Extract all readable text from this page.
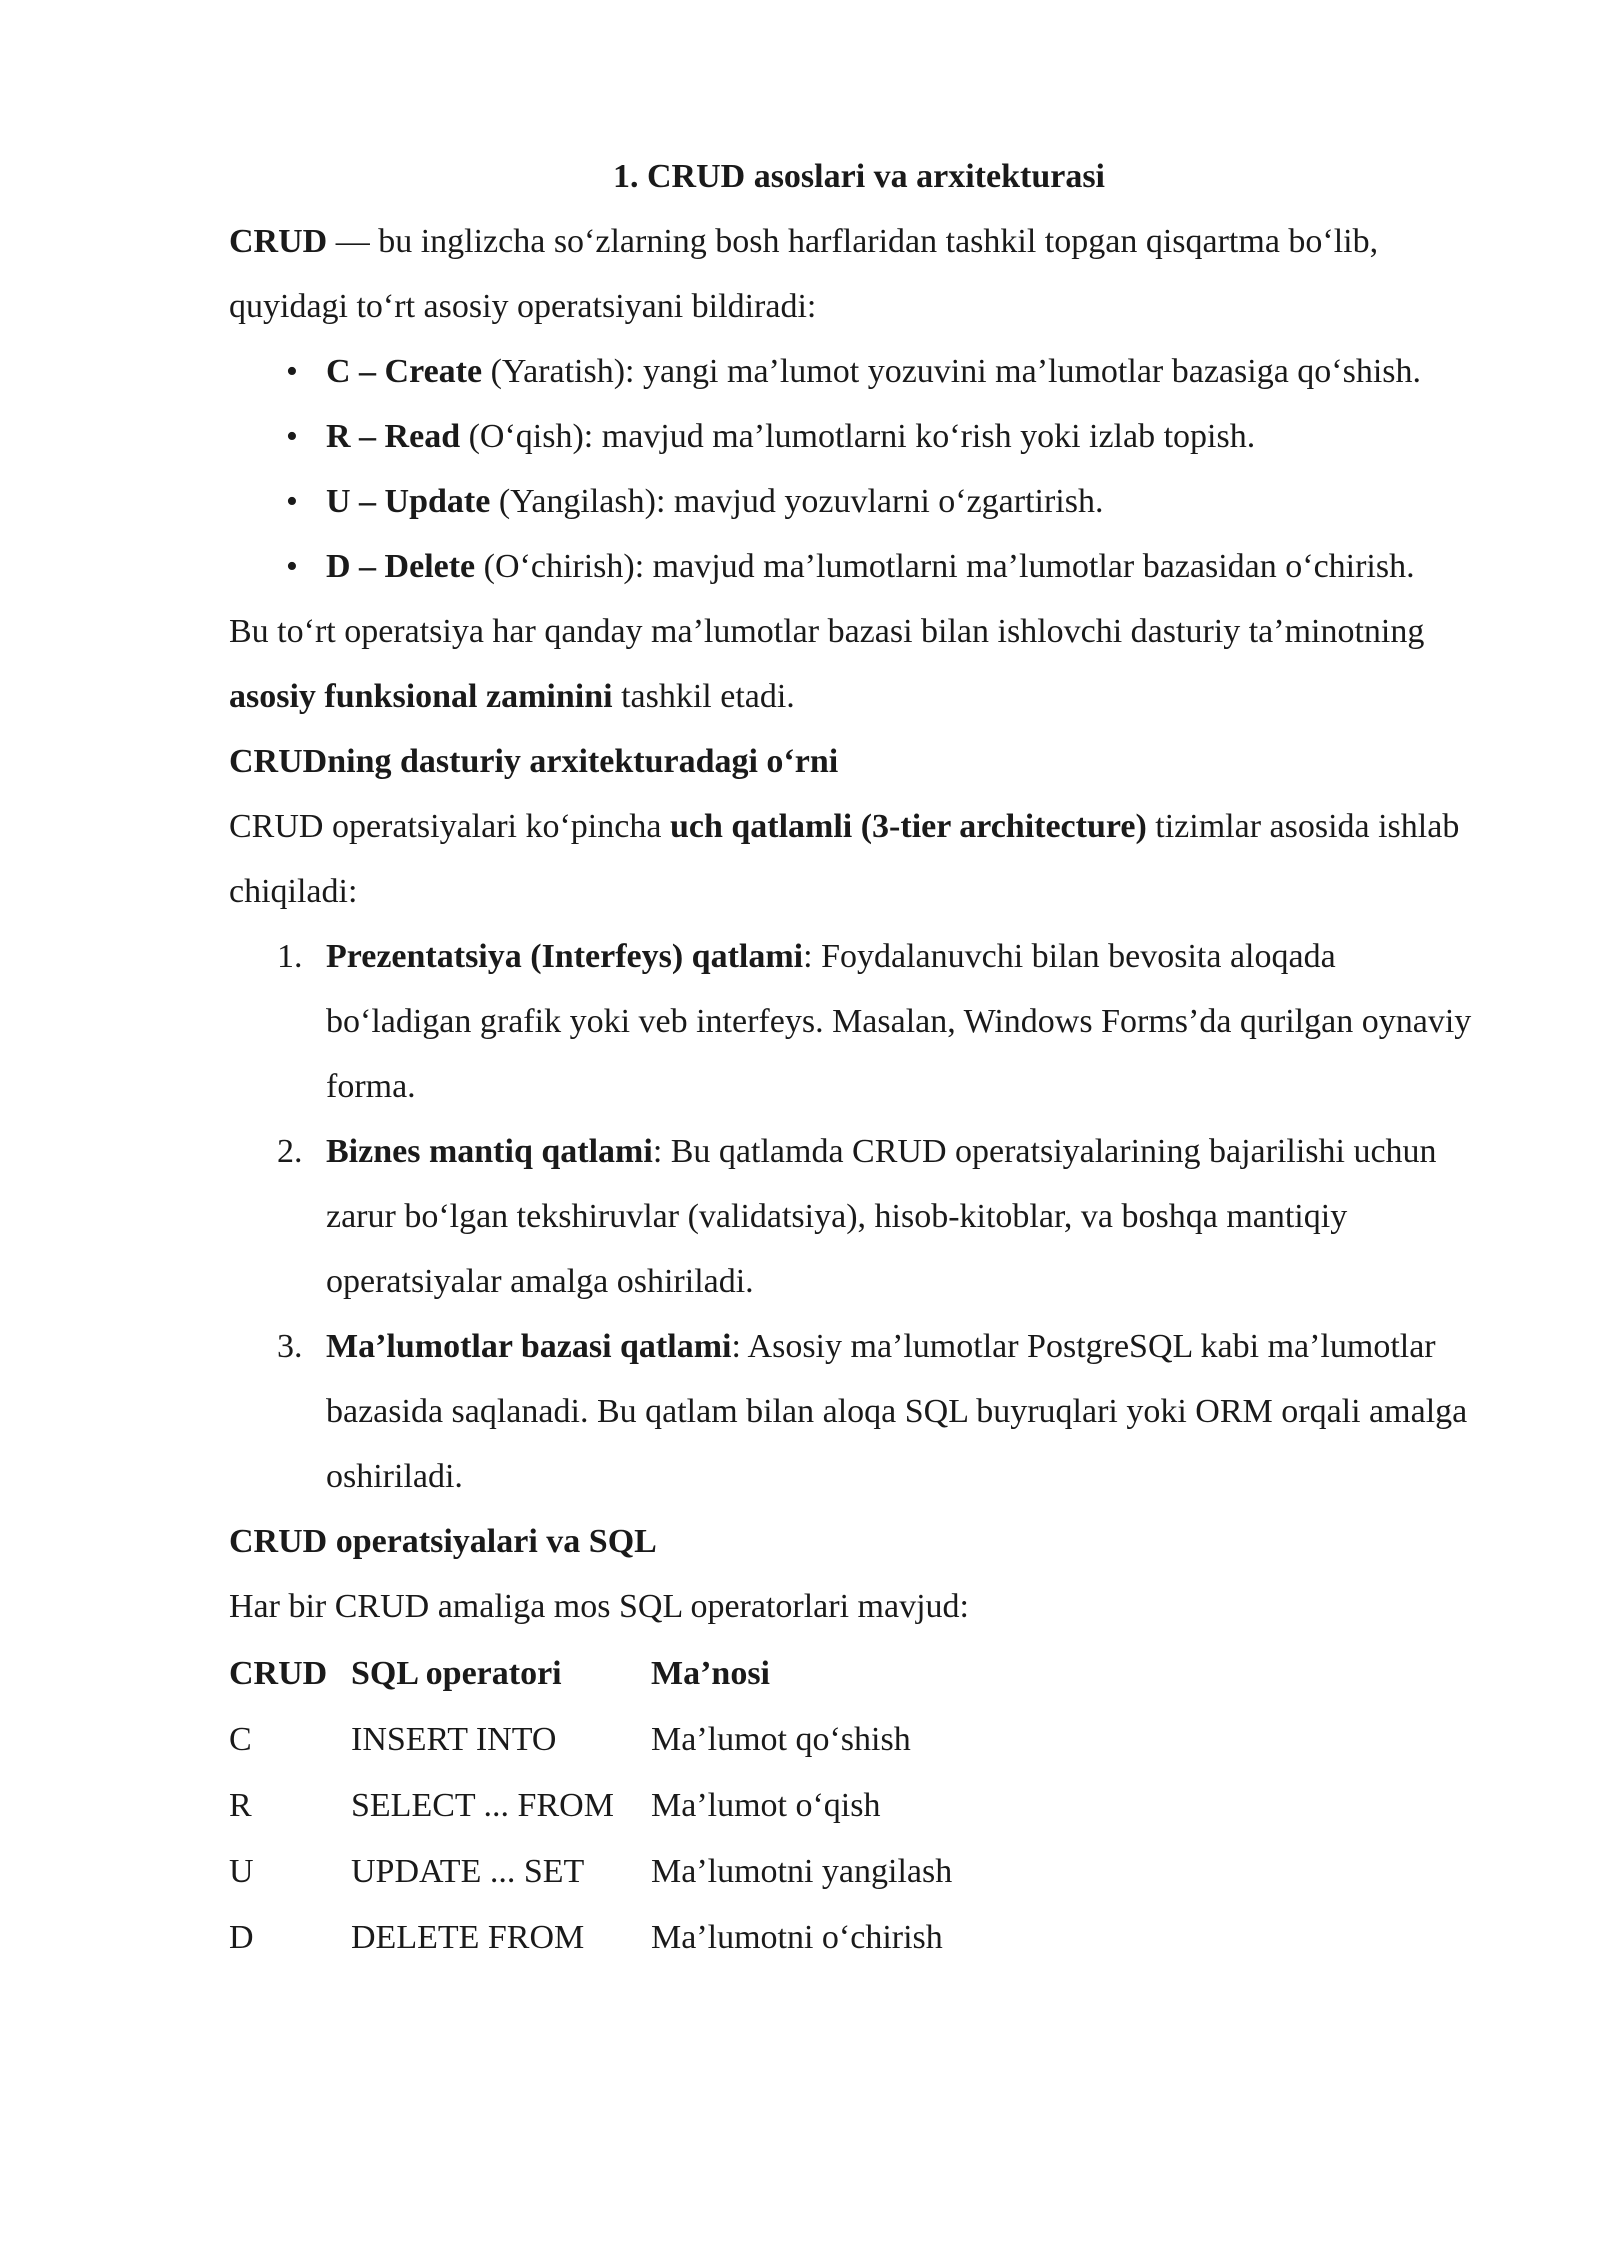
1. CRUD asoslari va arxitekturasi

CRUD — bu inglizcha so‘zlarning bosh harflaridan tashkil topgan qisqartma bo‘lib, quyidagi to‘rt asosiy operatsiyani bildiradi:

• C – Create (Yaratish): yangi ma’lumot yozuvini ma’lumotlar bazasiga qo‘shish.
• R – Read (O‘qish): mavjud ma’lumotlarni ko‘rish yoki izlab topish.
• U – Update (Yangilash): mavjud yozuvlarni o‘zgartirish.
• D – Delete (O‘chirish): mavjud ma’lumotlarni ma’lumotlar bazasidan o‘chirish.

Bu to‘rt operatsiya har qanday ma’lumotlar bazasi bilan ishlovchi dasturiy ta’minotning asosiy funksional zaminini tashkil etadi.

CRUDning dasturiy arxitekturadagi o‘rni

CRUD operatsiyalari ko‘pincha uch qatlamli (3-tier architecture) tizimlar asosida ishlab chiqiladi:

1. Prezentatsiya (Interfeys) qatlami: Foydalanuvchi bilan bevosita aloqada bo‘ladigan grafik yoki veb interfeys. Masalan, Windows Forms’da qurilgan oynaviy forma.
2. Biznes mantiq qatlami: Bu qatlamda CRUD operatsiyalarining bajarilishi uchun zarur bo‘lgan tekshiruvlar (validatsiya), hisob-kitoblar, va boshqa mantiqiy operatsiyalar amalga oshiriladi.
3. Ma’lumotlar bazasi qatlami: Asosiy ma’lumotlar PostgreSQL kabi ma’lumotlar bazasida saqlanadi. Bu qatlam bilan aloqa SQL buyruqlari yoki ORM orqali amalga oshiriladi.

CRUD operatsiyalari va SQL

Har bir CRUD amaliga mos SQL operatorlari mavjud:

CRUD	SQL operatori	Ma’nosi
C	INSERT INTO	Ma’lumot qo‘shish
R	SELECT ... FROM	Ma’lumot o‘qish
U	UPDATE ... SET	Ma’lumotni yangilash
D	DELETE FROM	Ma’lumotni o‘chirish
